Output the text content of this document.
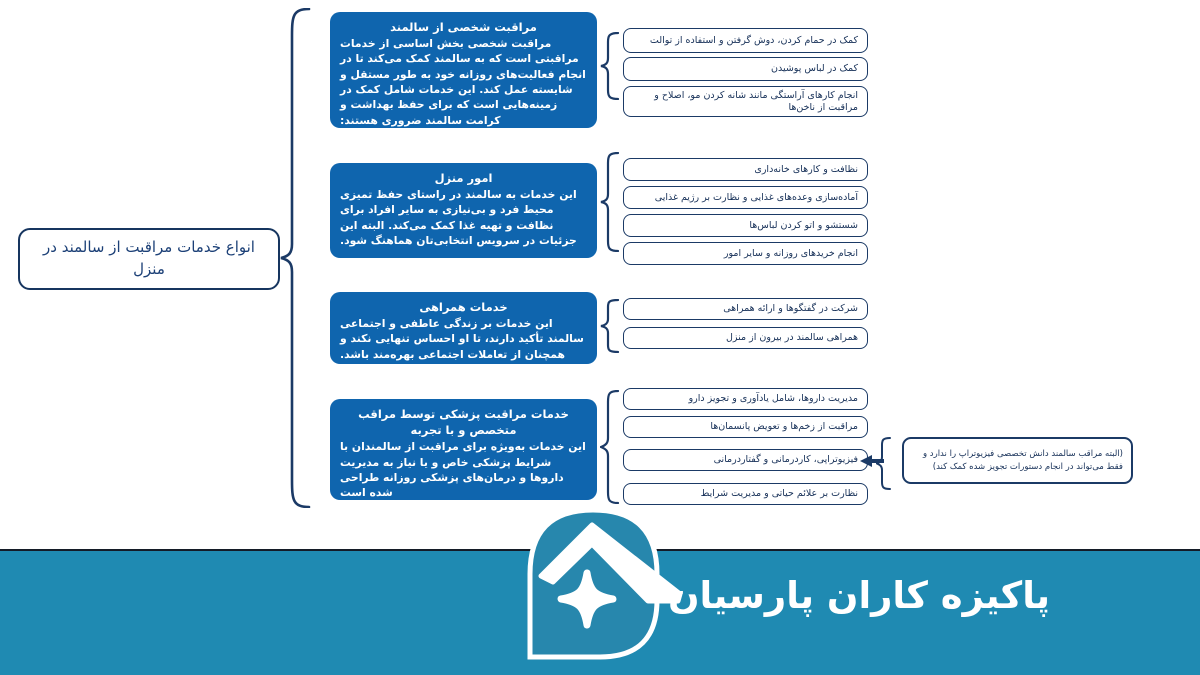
انواع خدمات مراقبت از سالمند در منزل
مراقبت شخصی از سالمند
مراقبت شخصی بخش اساسی از خدمات مراقبتی است که به سالمند کمک می‌کند تا در انجام فعالیت‌های روزانه خود به طور مستقل و شایسته عمل کند. این خدمات شامل کمک در زمینه‌هایی است که برای حفظ بهداشت و کرامت سالمند ضروری هستند:
کمک در حمام کردن، دوش گرفتن و استفاده از توالت
کمک در لباس پوشیدن
انجام کارهای آراستگی مانند شانه کردن مو، اصلاح و مراقبت از ناخن‌ها
امور منزل
این خدمات به سالمند در راستای حفظ تمیزی محیط فرد و بی‌نیازی به سایر افراد برای نظافت و تهیه غذا کمک می‌کند. البته این جزئیات در سرویس انتخابی‌تان هماهنگ شود.
نظافت و کارهای خانه‌داری
آماده‌سازی وعده‌های غذایی و نظارت بر رژیم غذایی
شستشو و اتو کردن لباس‌ها
انجام خریدهای روزانه و سایر امور
خدمات همراهی
این خدمات بر زندگی عاطفی و اجتماعی سالمند تأکید دارند، تا او احساس تنهایی نکند و همچنان از تعاملات اجتماعی بهره‌مند باشد.
شرکت در گفتگوها و ارائه همراهی
همراهی سالمند در بیرون از منزل
خدمات مراقبت پزشکی توسط مراقب متخصص و با تجربه
این خدمات به‌ویژه برای مراقبت از سالمندان با شرایط پزشکی خاص و یا نیاز به مدیریت داروها و درمان‌های پزشکی روزانه طراحی شده است
مدیریت داروها، شامل یادآوری و تجویز دارو
مراقبت از زخم‌ها و تعویض پانسمان‌ها
فیزیوتراپی، کاردرمانی و گفتاردرمانی
نظارت بر علائم حیاتی و مدیریت شرایط
(البته مراقب سالمند دانش تخصصی فیزیوتراپ را ندارد و فقط می‌تواند در انجام دستورات تجویز شده کمک کند)
پاکیزه کاران پارسیان
